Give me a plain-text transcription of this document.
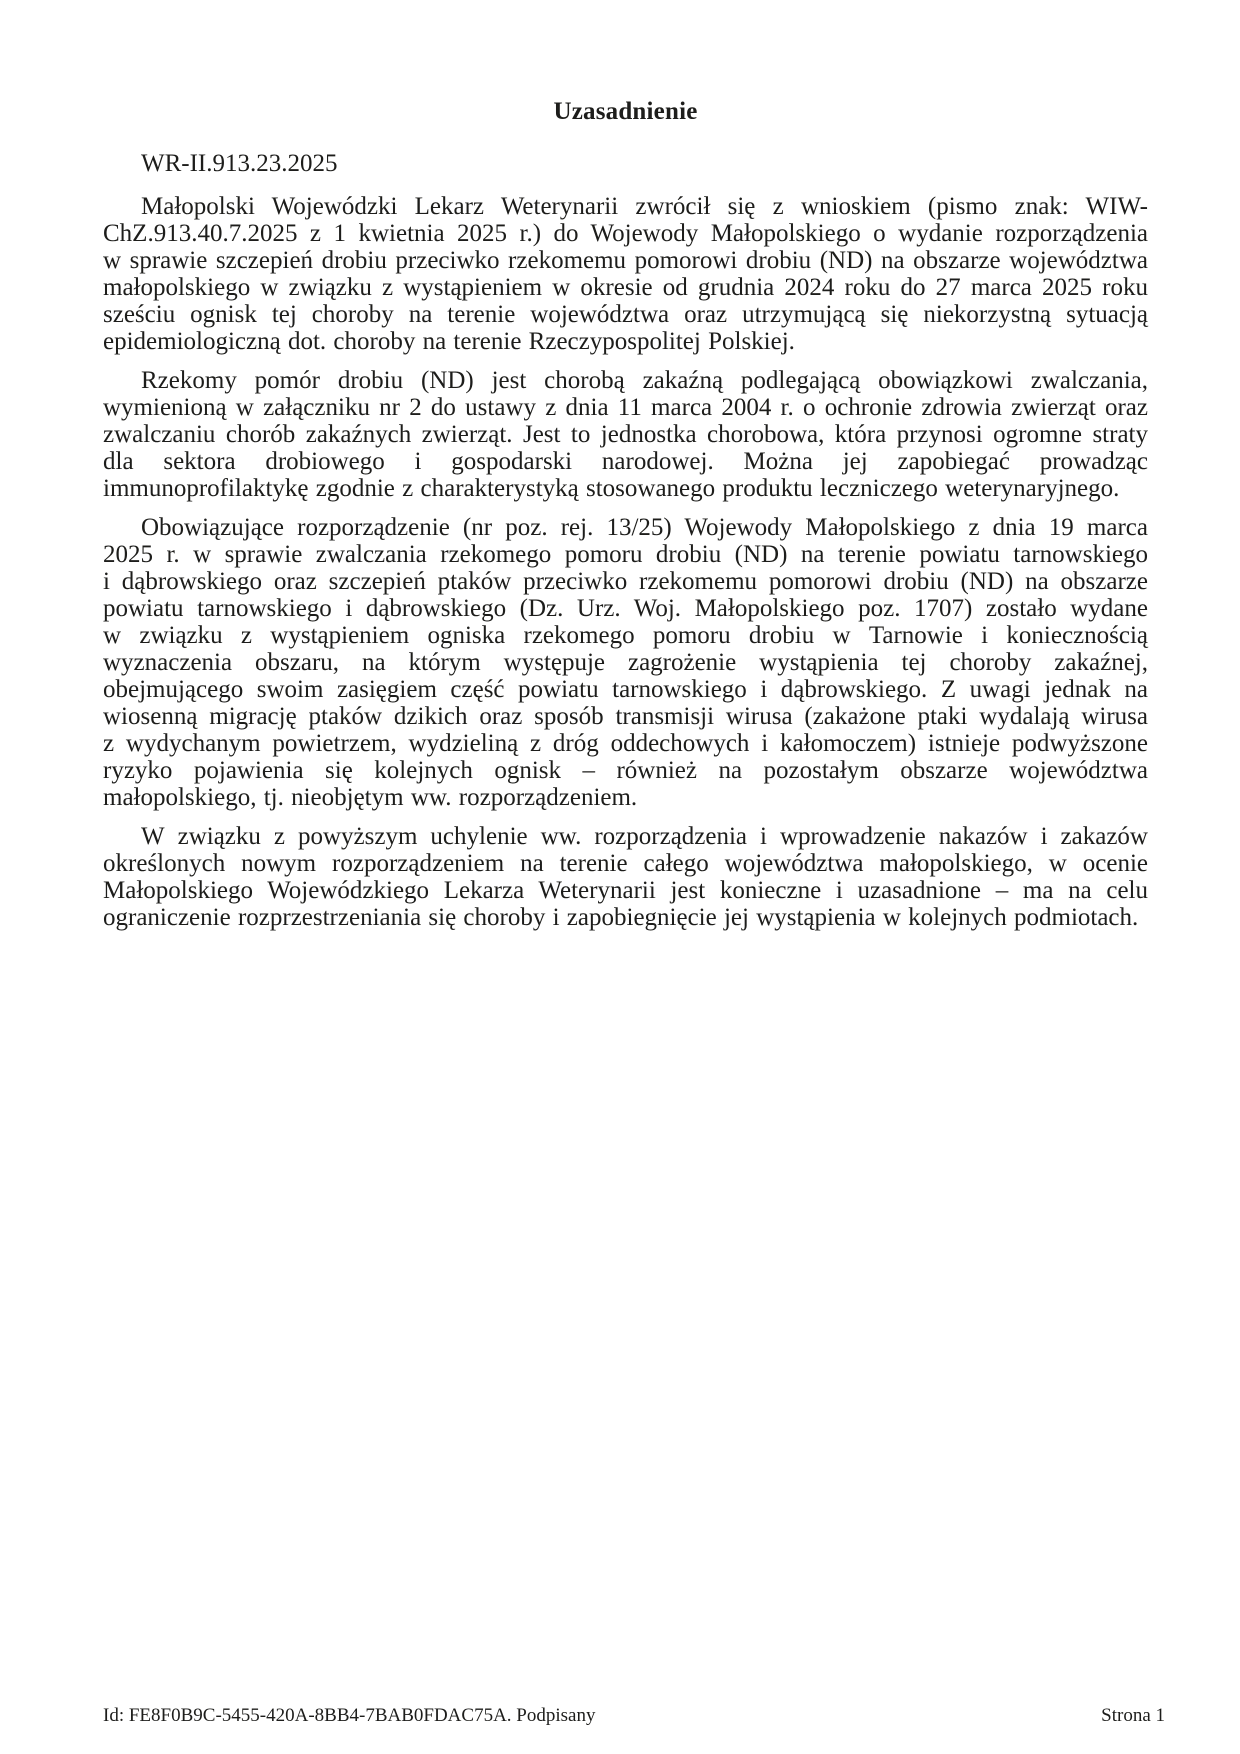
Uzasadnienie

WR-II.913.23.2025

Małopolski Wojewódzki Lekarz Weterynarii zwrócił się z wnioskiem (pismo znak: WIW-ChZ.913.40.7.2025 z 1 kwietnia 2025 r.) do Wojewody Małopolskiego o wydanie rozporządzenia w sprawie szczepień drobiu przeciwko rzekomemu pomorowi drobiu (ND) na obszarze województwa małopolskiego w związku z wystąpieniem w okresie od grudnia 2024 roku do 27 marca 2025 roku sześciu ognisk tej choroby na terenie województwa oraz utrzymującą się niekorzystną sytuacją epidemiologiczną dot. choroby na terenie Rzeczypospolitej Polskiej.

Rzekomy pomór drobiu (ND) jest chorobą zakaźną podlegającą obowiązkowi zwalczania, wymienioną w załączniku nr 2 do ustawy z dnia 11 marca 2004 r. o ochronie zdrowia zwierząt oraz zwalczaniu chorób zakaźnych zwierząt. Jest to jednostka chorobowa, która przynosi ogromne straty dla sektora drobiowego i gospodarski narodowej. Można jej zapobiegać prowadząc immunoprofilaktykę zgodnie z charakterystyką stosowanego produktu leczniczego weterynaryjnego.

Obowiązujące rozporządzenie (nr poz. rej. 13/25) Wojewody Małopolskiego z dnia 19 marca 2025 r. w sprawie zwalczania rzekomego pomoru drobiu (ND) na terenie powiatu tarnowskiego i dąbrowskiego oraz szczepień ptaków przeciwko rzekomemu pomorowi drobiu (ND) na obszarze powiatu tarnowskiego i dąbrowskiego (Dz. Urz. Woj. Małopolskiego poz. 1707) zostało wydane w związku z wystąpieniem ogniska rzekomego pomoru drobiu w Tarnowie i koniecznością wyznaczenia obszaru, na którym występuje zagrożenie wystąpienia tej choroby zakaźnej, obejmującego swoim zasięgiem część powiatu tarnowskiego i dąbrowskiego. Z uwagi jednak na wiosenną migrację ptaków dzikich oraz sposób transmisji wirusa (zakażone ptaki wydalają wirusa z wydychanym powietrzem, wydzieliną z dróg oddechowych i kałomoczem) istnieje podwyższone ryzyko pojawienia się kolejnych ognisk – również na pozostałym obszarze województwa małopolskiego, tj. nieobjętym ww. rozporządzeniem.

W związku z powyższym uchylenie ww. rozporządzenia i wprowadzenie nakazów i zakazów określonych nowym rozporządzeniem na terenie całego województwa małopolskiego, w ocenie Małopolskiego Wojewódzkiego Lekarza Weterynarii jest konieczne i uzasadnione – ma na celu ograniczenie rozprzestrzeniania się choroby i zapobiegnięcie jej wystąpienia w kolejnych podmiotach.

Id: FE8F0B9C-5455-420A-8BB4-7BAB0FDAC75A. Podpisany	Strona 1
